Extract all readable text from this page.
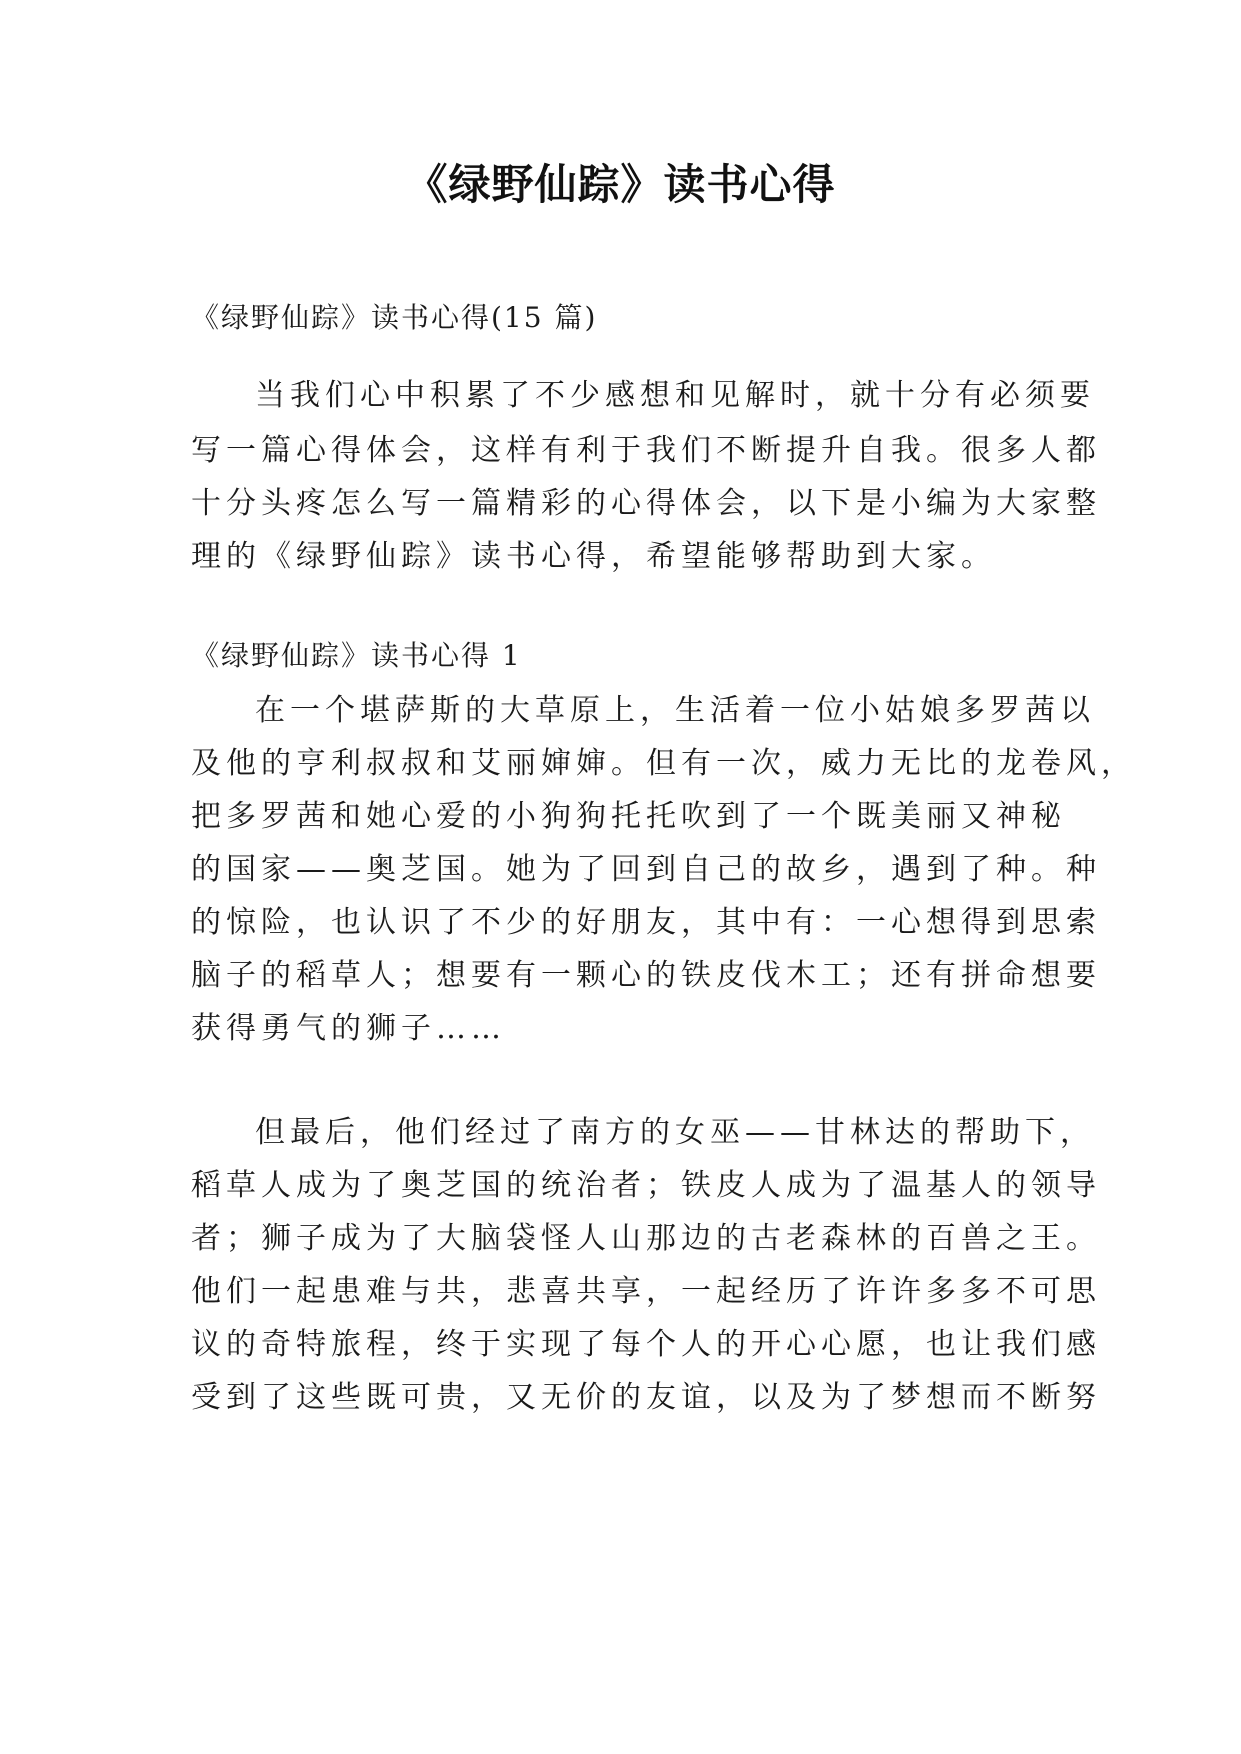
《绿野仙踪》读书心得
《绿野仙踪》读书心得(15 篇)
当我们心中积累了不少感想和见解时，就十分有必须要
写一篇心得体会，这样有利于我们不断提升自我。很多人都
十分头疼怎么写一篇精彩的心得体会，以下是小编为大家整
理的《绿野仙踪》读书心得，希望能够帮助到大家。
《绿野仙踪》读书心得 1
在一个堪萨斯的大草原上，生活着一位小姑娘多罗茜以
及他的亨利叔叔和艾丽婶婶。但有一次，威力无比的龙卷风，
把多罗茜和她心爱的小狗狗托托吹到了一个既美丽又神秘
的国家——奥芝国。她为了回到自己的故乡，遇到了种。种
的惊险，也认识了不少的好朋友，其中有：一心想得到思索
脑子的稻草人；想要有一颗心的铁皮伐木工；还有拼命想要
获得勇气的狮子……
但最后，他们经过了南方的女巫——甘林达的帮助下，
稻草人成为了奥芝国的统治者；铁皮人成为了温基人的领导
者；狮子成为了大脑袋怪人山那边的古老森林的百兽之王。
他们一起患难与共，悲喜共享，一起经历了许许多多不可思
议的奇特旅程，终于实现了每个人的开心心愿，也让我们感
受到了这些既可贵，又无价的友谊，以及为了梦想而不断努
